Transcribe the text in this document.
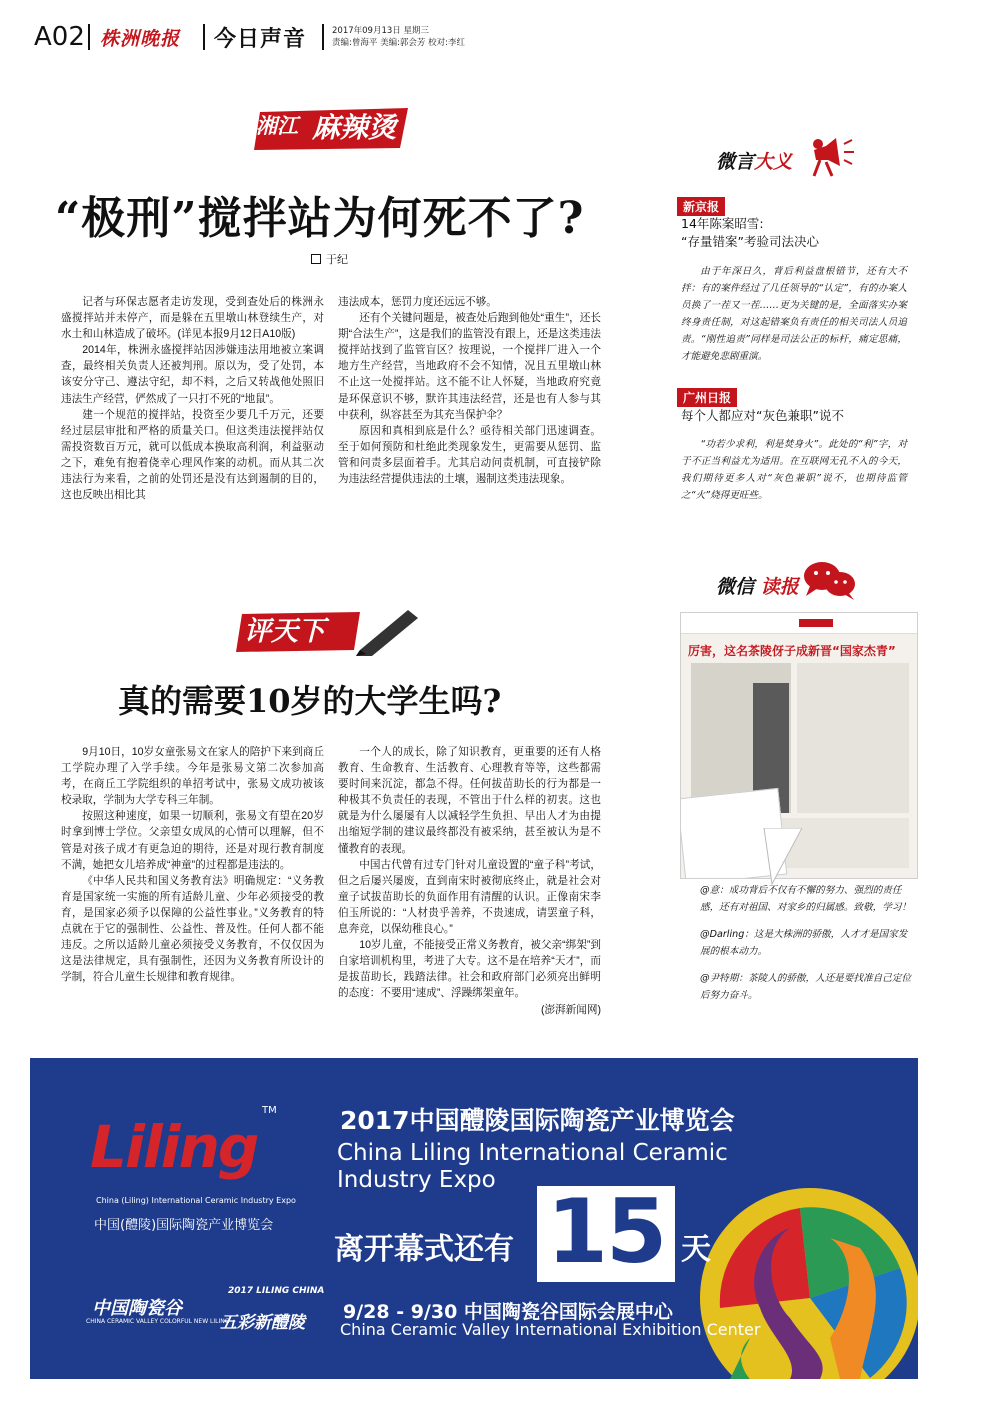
A02 株洲晚报 今日声音	2017年09月13日 星期三
责编:曾海平 美编:郭会芳 校对:李红
湘江 麻辣烫
“极刑”搅拌站为何死不了?
于纪

记者与环保志愿者走访发现，受到查处后的株洲永盛搅拌站并未停产，而是躲在五里墩山林登续生产，对水土和山林造成了破坏。(详见本报9月12日A10版)

2014年，株洲永盛搅拌站因涉嫌违法用地被立案调查，最终相关负责人还被判刑。原以为，受了处罚，本该安分守己、遵法守纪，却不料，之后又转战他处照旧违法生产经营，俨然成了一只打不死的“地鼠”。

建一个规范的搅拌站，投资至少要几千万元，还要经过层层审批和严格的质量关口。但这类违法搅拌站仅需投资数百万元，就可以低成本换取高利润，利益驱动之下，难免有抱着侥幸心理风作案的动机。而从其二次违法行为来看，之前的处罚还是没有达到遏制的目的，这也反映出相比其

违法成本，惩罚力度还远远不够。

还有个关键问题是，被查处后跑到他处“重生”，还长期“合法生产”，这是我们的监管没有跟上，还是这类违法搅拌站找到了监管盲区？按理说，一个搅拌厂进入一个地方生产经营，当地政府不会不知情，况且五里墩山林不止这一处搅拌站。这不能不让人怀疑，当地政府究竟是环保意识不够，默许其违法经营，还是也有人参与其中获利，纵容甚至为其充当保护伞？

原因和真相到底是什么？亟待相关部门迅速调查。至于如何预防和杜绝此类现象发生，更需要从惩罚、监管和问责多层面着手。尤其启动问责机制，可直接铲除为违法经营提供违法的土壤，遏制这类违法现象。

评天下
真的需要10岁的大学生吗?

9月10日，10岁女童张易文在家人的陪护下来到商丘工学院办理了入学手续。今年是张易文第二次参加高考，在商丘工学院组织的单招考试中，张易文成功被该校录取，学制为大学专科三年制。

按照这种速度，如果一切顺利，张易文有望在20岁时拿到博士学位。父亲望女成凤的心情可以理解，但不管是对孩子成才有更急迫的期待，还是对现行教育制度不满，她把女儿培养成“神童”的过程都是违法的。

《中华人民共和国义务教育法》明确规定：“义务教育是国家统一实施的所有适龄儿童、少年必须接受的教育，是国家必须予以保障的公益性事业。”义务教育的特点就在于它的强制性、公益性、普及性。任何人都不能违反。之所以适龄儿童必须接受义务教育，不仅仅因为这是法律规定，具有强制性，还因为义务教育所设计的学制，符合儿童生长规律和教育规律。

一个人的成长，除了知识教育，更重要的还有人格教育、生命教育、生活教育、心理教育等等，这些都需要时间来沉淀，都急不得。任何拔苗助长的行为都是一种极其不负责任的表现，不管出于什么样的初衷。这也就是为什么屡屡有人以减轻学生负担、早出人才为由提出缩短学制的建议最终都没有被采纳，甚至被认为是不懂教育的表现。

中国古代曾有过专门针对儿童设置的“童子科”考试，但之后屡兴屡废，直到南宋时被彻底终止，就是社会对童子试拔苗助长的负面作用有清醒的认识。正像南宋李伯玉所说的：“人材贵乎善养，不贵速成，请罢童子科，息奔竞，以保幼稚良心。”

10岁儿童，不能接受正常义务教育，被父亲“绑架”到自家培训机构里，考进了大专。这不是在培养“天才”，而是拔苗助长，践踏法律。社会和政府部门必须亮出鲜明的态度：不要用“速成”、浮躁绑架童年。
(澎湃新闻网)

微言大义
新京报
14年陈案昭雪:
“存量错案”考验司法决心
由于年深日久，背后利益盘根错节，还有大不拌：有的案件经过了几任领导的“认定”，有的办案人员换了一茬又一茬……更为关键的是，全面落实办案终身责任制，对这起错案负有责任的相关司法人员追责。“刚性追责”同样是司法公正的标杆，痛定思痛，才能避免悲剧重演。
广州日报
每个人都应对“灰色兼职”说不
“功若少求利，利是焚身火”。此处的“利”字，对于不正当利益尤为适用。在互联网无孔不入的今天，我们期待更多人对“灰色兼职”说不，也期待监管之“火”烧得更旺些。
微信 读报
厉害，这名茶陵伢子成新晋“国家杰青”

@意：成功背后不仅有不懈的努力、强烈的责任感，还有对祖国、对家乡的归属感。致敬，学习！

@Darling：这是大株洲的骄傲，人才才是国家发展的根本动力。

@尹特期：茶陵人的骄傲，人还是要找准自己定位后努力奋斗。

Liling
TM
China (Liling) International Ceramic Industry Expo
中国(醴陵)国际陶瓷产业博览会
2017中国醴陵国际陶瓷产业博览会
China Liling International Ceramic
Industry Expo
离开幕式还有 15 天
9/28 - 9/30 中国陶瓷谷国际会展中心
China Ceramic Valley International Exhibition Center
中国陶瓷谷
CHINA CERAMIC VALLEY COLORFUL NEW LILING
2017 LILING CHINA
五彩新醴陵
